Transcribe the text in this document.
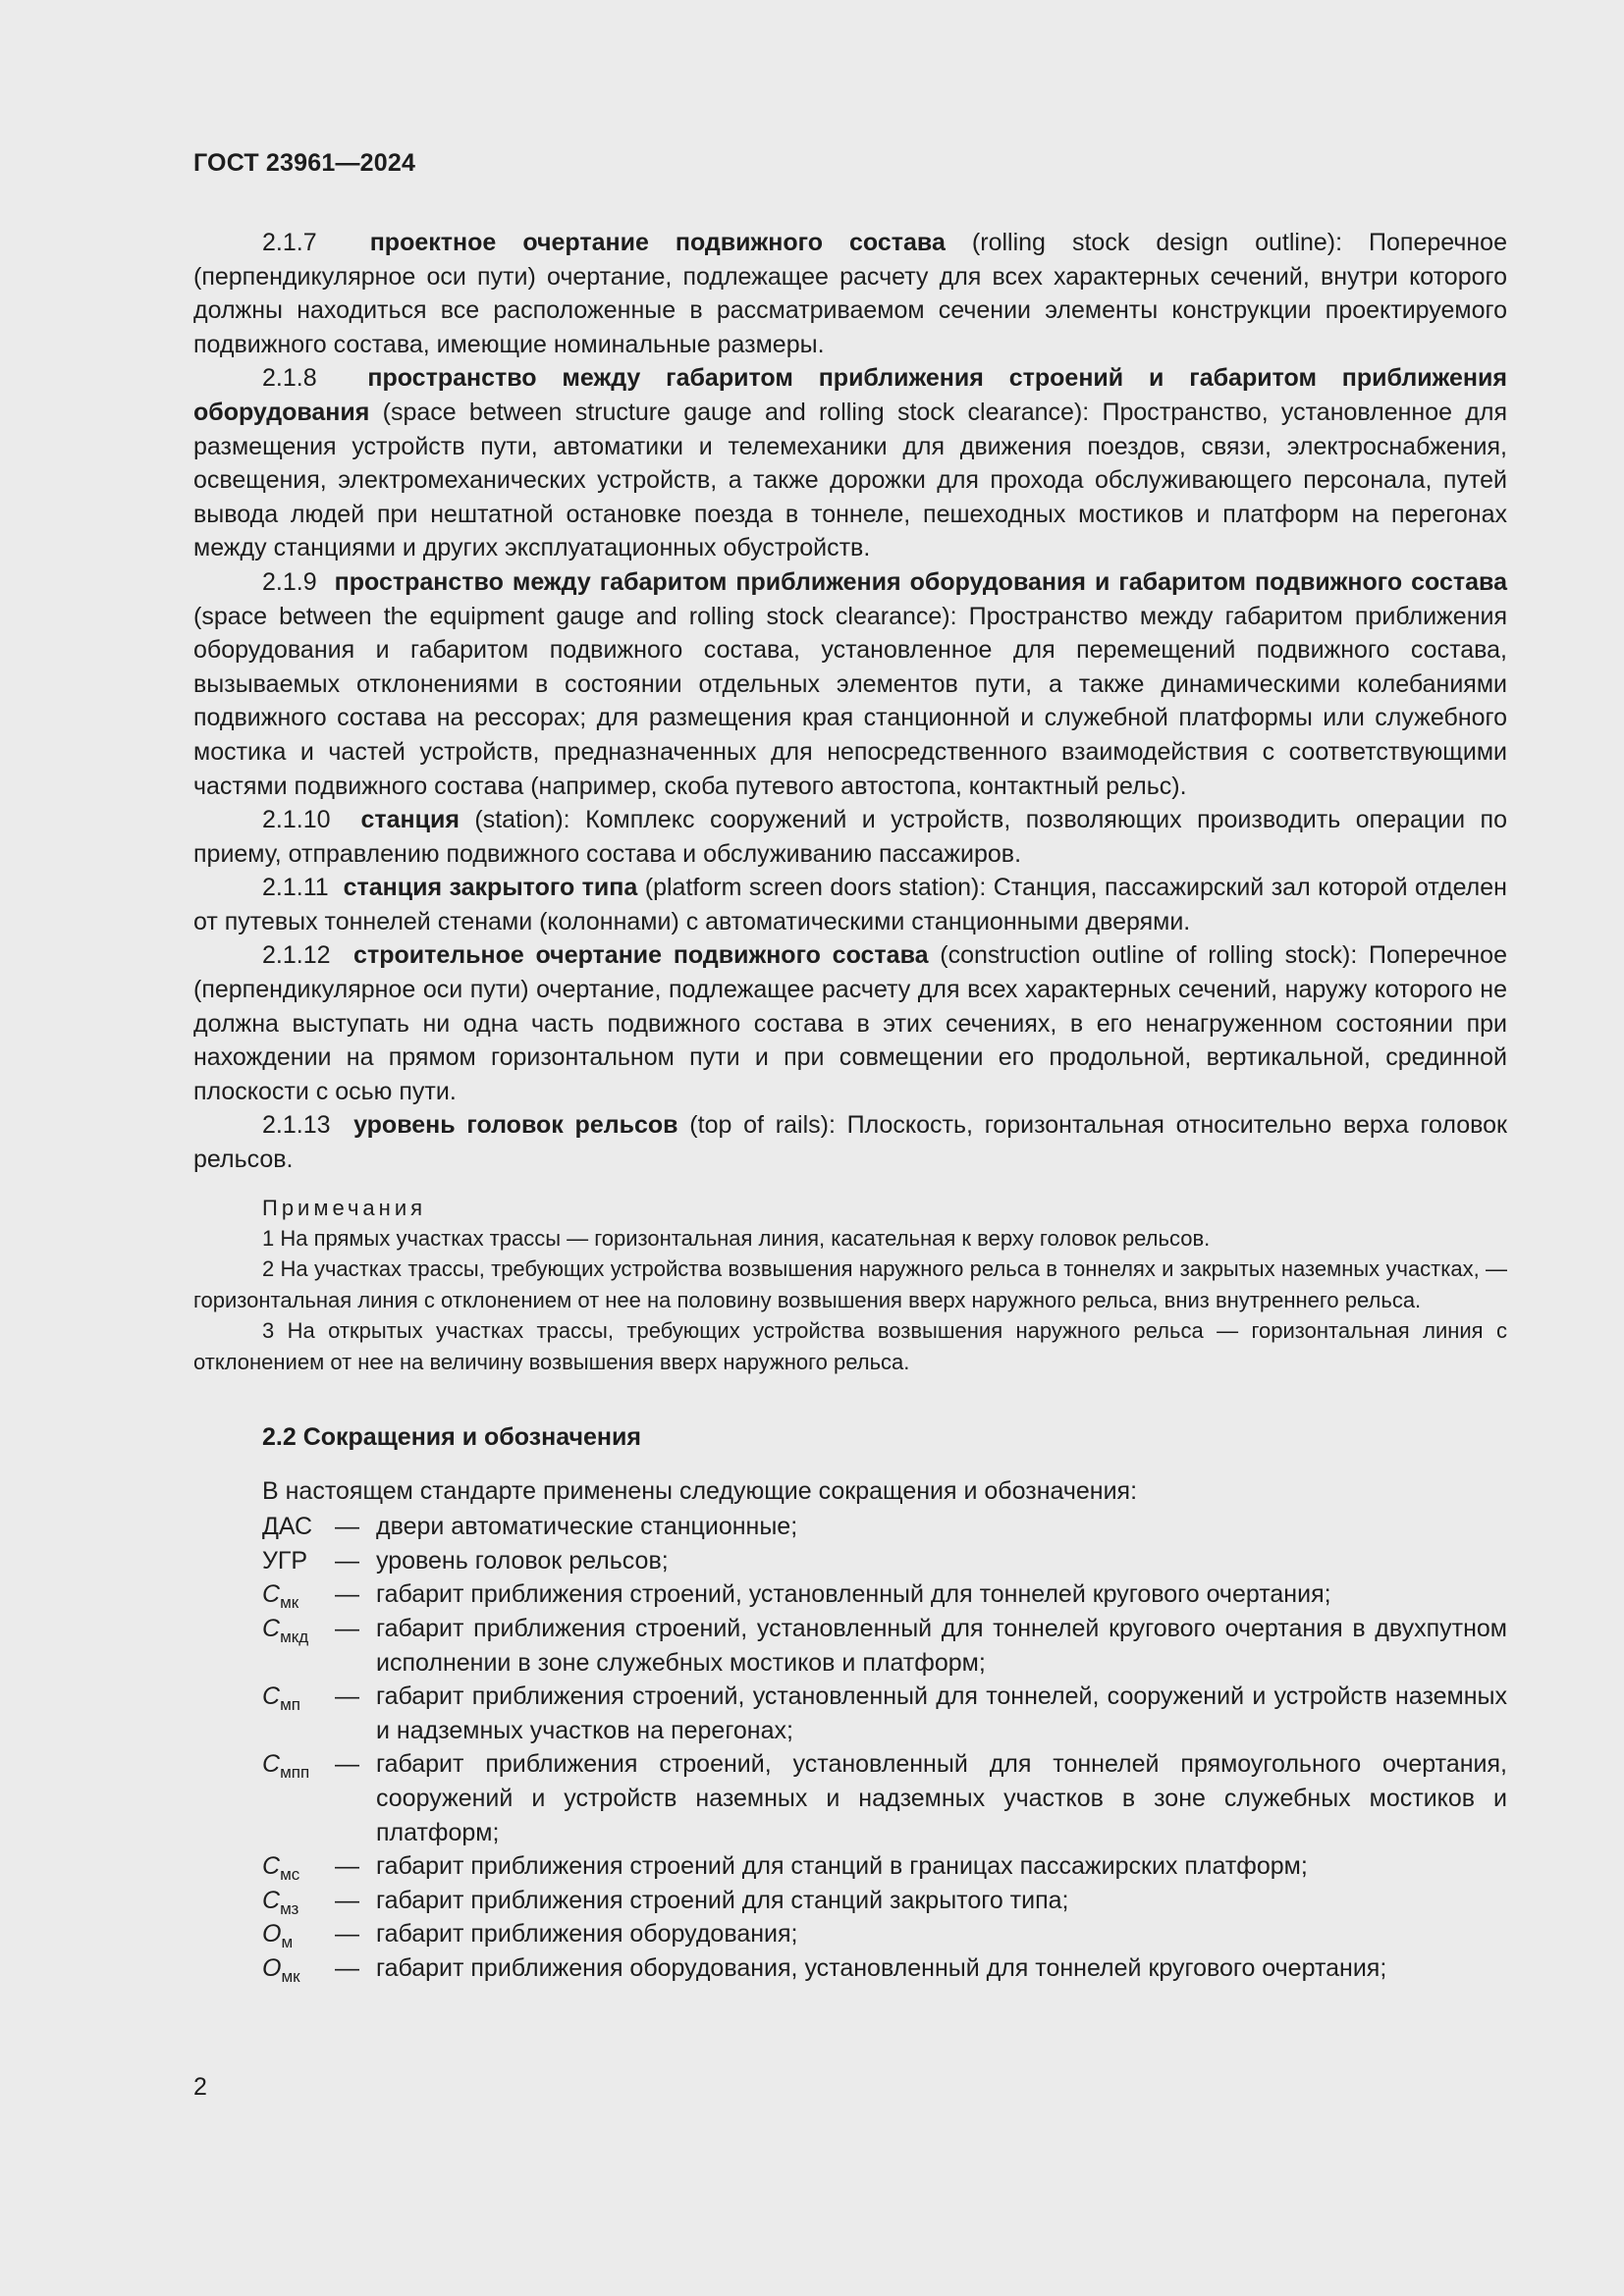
ГОСТ 23961—2024

2.1.7 проектное очертание подвижного состава (rolling stock design outline): Поперечное (перпендикулярное оси пути) очертание, подлежащее расчету для всех характерных сечений, внутри которого должны находиться все расположенные в рассматриваемом сечении элементы конструкции проектируемого подвижного состава, имеющие номинальные размеры.

2.1.8 пространство между габаритом приближения строений и габаритом приближения оборудования (space between structure gauge and rolling stock clearance): Пространство, установленное для размещения устройств пути, автоматики и телемеханики для движения поездов, связи, электроснабжения, освещения, электромеханических устройств, а также дорожки для прохода обслуживающего персонала, путей вывода людей при нештатной остановке поезда в тоннеле, пешеходных мостиков и платформ на перегонах между станциями и других эксплуатационных обустройств.

2.1.9 пространство между габаритом приближения оборудования и габаритом подвижного состава (space between the equipment gauge and rolling stock clearance): Пространство между габаритом приближения оборудования и габаритом подвижного состава, установленное для перемещений подвижного состава, вызываемых отклонениями в состоянии отдельных элементов пути, а также динамическими колебаниями подвижного состава на рессорах; для размещения края станционной и служебной платформы или служебного мостика и частей устройств, предназначенных для непосредственного взаимодействия с соответствующими частями подвижного состава (например, скоба путевого автостопа, контактный рельс).

2.1.10 станция (station): Комплекс сооружений и устройств, позволяющих производить операции по приему, отправлению подвижного состава и обслуживанию пассажиров.

2.1.11 станция закрытого типа (platform screen doors station): Станция, пассажирский зал которой отделен от путевых тоннелей стенами (колоннами) с автоматическими станционными дверями.

2.1.12 строительное очертание подвижного состава (construction outline of rolling stock): Поперечное (перпендикулярное оси пути) очертание, подлежащее расчету для всех характерных сечений, наружу которого не должна выступать ни одна часть подвижного состава в этих сечениях, в его ненагруженном состоянии при нахождении на прямом горизонтальном пути и при совмещении его продольной, вертикальной, срединной плоскости с осью пути.

2.1.13 уровень головок рельсов (top of rails): Плоскость, горизонтальная относительно верха головок рельсов.

Примечания

1 На прямых участках трассы — горизонтальная линия, касательная к верху головок рельсов.

2 На участках трассы, требующих устройства возвышения наружного рельса в тоннелях и закрытых наземных участках, — горизонтальная линия с отклонением от нее на половину возвышения вверх наружного рельса, вниз внутреннего рельса.

3 На открытых участках трассы, требующих устройства возвышения наружного рельса — горизонтальная линия с отклонением от нее на величину возвышения вверх наружного рельса.

2.2 Сокращения и обозначения
В настоящем стандарте применены следующие сокращения и обозначения:
ДАС — двери автоматические станционные;
УГР	— уровень головок рельсов;
$С_{мк}$	— габарит приближения строений, установленный для тоннелей кругового очертания;
$С_{мкд}$	— габарит приближения строений, установленный для тоннелей кругового очертания в двухпутном исполнении в зоне служебных мостиков и платформ;
$С_{мп}$	— габарит приближения строений, установленный для тоннелей, сооружений и устройств наземных и надземных участков на перегонах;
$С_{мпп}$	— габарит приближения строений, установленный для тоннелей прямоугольного очертания, сооружений и устройств наземных и надземных участков в зоне служебных мостиков и платформ;
$С_{мс}$	— габарит приближения строений для станций в границах пассажирских платформ;
$С_{мз}$	— габарит приближения строений для станций закрытого типа;
$О_м$	— габарит приближения оборудования;
$О_{мк}$	— габарит приближения оборудования, установленный для тоннелей кругового очертания;
2
